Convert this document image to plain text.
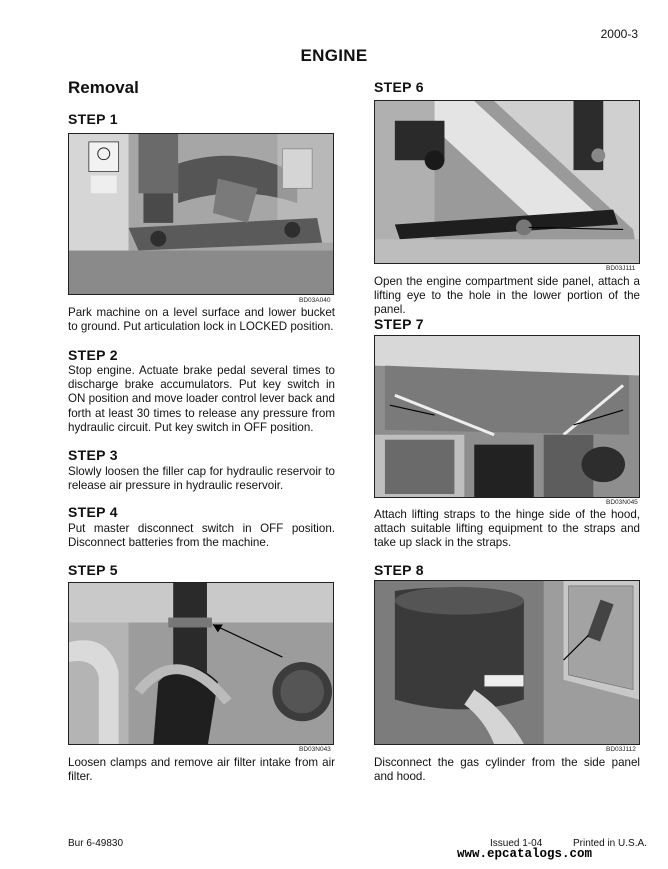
2000-3
ENGINE
Removal
STEP 1
BD03A040
Park machine on a level surface and lower bucket to ground. Put articulation lock in LOCKED position.
STEP 2
Stop engine. Actuate brake pedal several times to discharge brake accumulators. Put key switch in ON position and move loader control lever back and forth at least 30 times to release any pressure from hydraulic circuit. Put key switch in OFF position.
STEP 3
Slowly loosen the filler cap for hydraulic reservoir to release air pressure in hydraulic reservoir.
STEP 4
Put master disconnect switch in OFF position. Disconnect batteries from the machine.
STEP 5
BD03N043
Loosen clamps and remove air filter intake from air filter.
STEP 6
BD03J111
Open the engine compartment side panel, attach a lifting eye to the hole in the lower portion of the panel.
STEP 7
BD03N045
Attach lifting straps to the hinge side of the hood, attach suitable lifting equipment to the straps and take up slack in the straps.
STEP 8
BD03J112
Disconnect the gas cylinder from the side panel and hood.
Bur 6-49830	Issued 1-04	Printed in U.S.A.
www.epcatalogs.com
